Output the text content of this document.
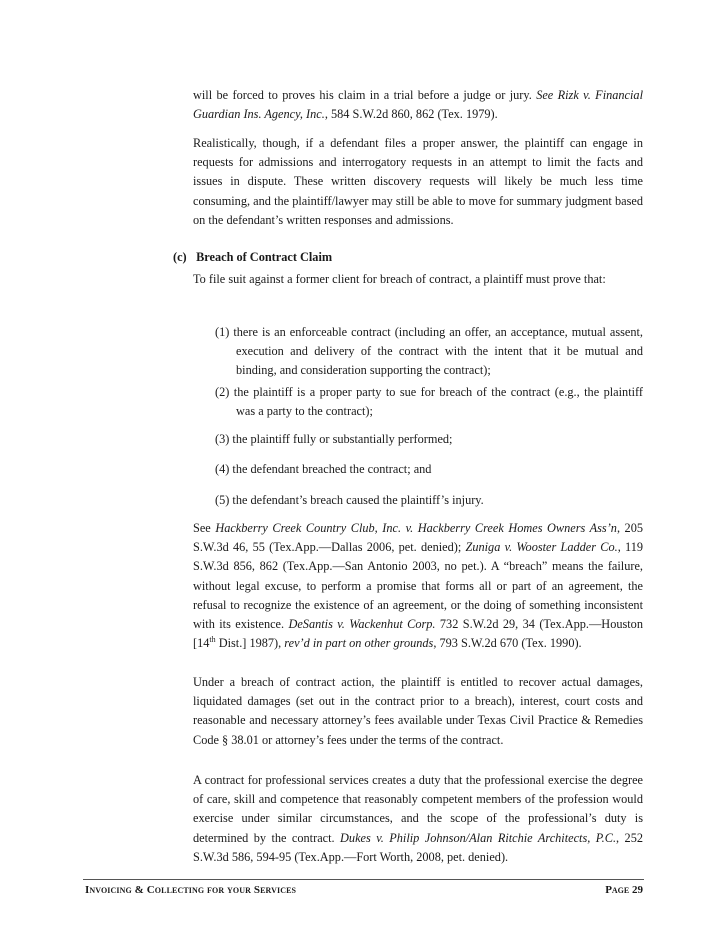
will be forced to proves his claim in a trial before a judge or jury. See Rizk v. Financial Guardian Ins. Agency, Inc., 584 S.W.2d 860, 862 (Tex. 1979).

Realistically, though, if a defendant files a proper answer, the plaintiff can engage in requests for admissions and interrogatory requests in an attempt to limit the facts and issues in dispute. These written discovery requests will likely be much less time consuming, and the plaintiff/lawyer may still be able to move for summary judgment based on the defendant’s written responses and admissions.

(c) Breach of Contract Claim

To file suit against a former client for breach of contract, a plaintiff must prove that:

(1) there is an enforceable contract (including an offer, an acceptance, mutual assent, execution and delivery of the contract with the intent that it be mutual and binding, and consideration supporting the contract);

(2) the plaintiff is a proper party to sue for breach of the contract (e.g., the plaintiff was a party to the contract);

(3) the plaintiff fully or substantially performed;

(4) the defendant breached the contract; and

(5) the defendant’s breach caused the plaintiff’s injury.

See Hackberry Creek Country Club, Inc. v. Hackberry Creek Homes Owners Ass’n, 205 S.W.3d 46, 55 (Tex.App.—Dallas 2006, pet. denied); Zuniga v. Wooster Ladder Co., 119 S.W.3d 856, 862 (Tex.App.—San Antonio 2003, no pet.). A “breach” means the failure, without legal excuse, to perform a promise that forms all or part of an agreement, the refusal to recognize the existence of an agreement, or the doing of something inconsistent with its existence. DeSantis v. Wackenhut Corp. 732 S.W.2d 29, 34 (Tex.App.—Houston [14th Dist.] 1987), rev’d in part on other grounds, 793 S.W.2d 670 (Tex. 1990).

Under a breach of contract action, the plaintiff is entitled to recover actual damages, liquidated damages (set out in the contract prior to a breach), interest, court costs and reasonable and necessary attorney’s fees available under Texas Civil Practice & Remedies Code § 38.01 or attorney’s fees under the terms of the contract.

A contract for professional services creates a duty that the professional exercise the degree of care, skill and competence that reasonably competent members of the profession would exercise under similar circumstances, and the scope of the professional’s duty is determined by the contract. Dukes v. Philip Johnson/Alan Ritchie Architects, P.C., 252 S.W.3d 586, 594-95 (Tex.App.—Fort Worth, 2008, pet. denied).

Invoicing & Collecting for your Services	Page 29
